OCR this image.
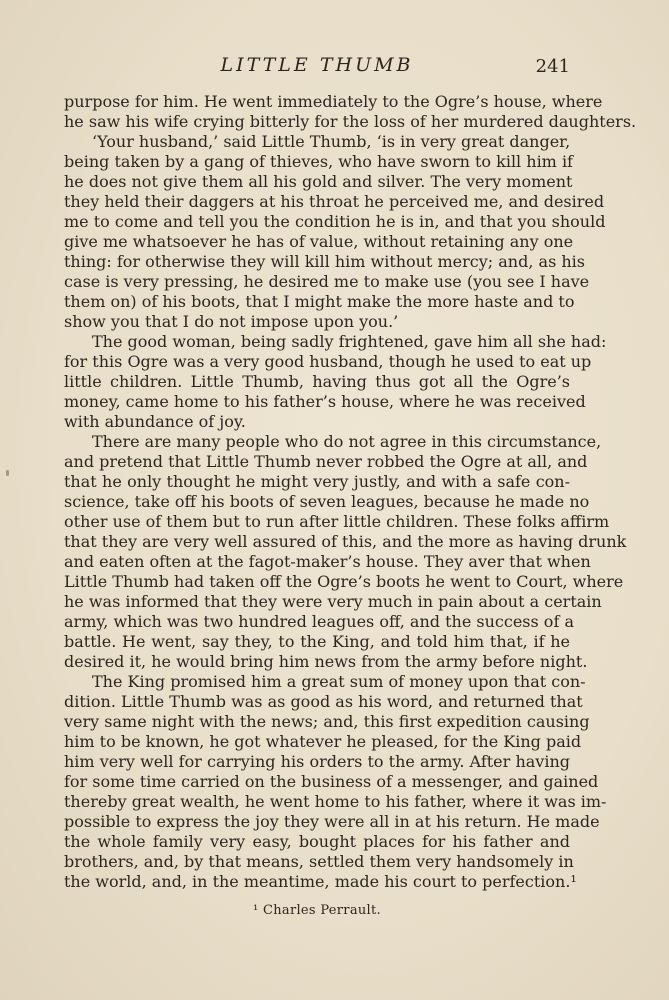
LITTLE THUMB	241
purpose for him. He went immediately to the Ogre’s house, where
he saw his wife crying bitterly for the loss of her murdered daughters.
‘Your husband,’ said Little Thumb, ‘is in very great danger,
being taken by a gang of thieves, who have sworn to kill him if
he does not give them all his gold and silver. The very moment
they held their daggers at his throat he perceived me, and desired
me to come and tell you the condition he is in, and that you should
give me whatsoever he has of value, without retaining any one
thing: for otherwise they will kill him without mercy; and, as his
case is very pressing, he desired me to make use (you see I have
them on) of his boots, that I might make the more haste and to
show you that I do not impose upon you.’
The good woman, being sadly frightened, gave him all she had:
for this Ogre was a very good husband, though he used to eat up
little children. Little Thumb, having thus got all the Ogre’s
money, came home to his father’s house, where he was received
with abundance of joy.
There are many people who do not agree in this circumstance,
and pretend that Little Thumb never robbed the Ogre at all, and
that he only thought he might very justly, and with a safe con-
science, take off his boots of seven leagues, because he made no
other use of them but to run after little children. These folks affirm
that they are very well assured of this, and the more as having drunk
and eaten often at the fagot-maker’s house. They aver that when
Little Thumb had taken off the Ogre’s boots he went to Court, where
he was informed that they were very much in pain about a certain
army, which was two hundred leagues off, and the success of a
battle. He went, say they, to the King, and told him that, if he
desired it, he would bring him news from the army before night.
The King promised him a great sum of money upon that con-
dition. Little Thumb was as good as his word, and returned that
very same night with the news; and, this first expedition causing
him to be known, he got whatever he pleased, for the King paid
him very well for carrying his orders to the army. After having
for some time carried on the business of a messenger, and gained
thereby great wealth, he went home to his father, where it was im-
possible to express the joy they were all in at his return. He made
the whole family very easy, bought places for his father and
brothers, and, by that means, settled them very handsomely in
the world, and, in the meantime, made his court to perfection.¹
¹ Charles Perrault.
